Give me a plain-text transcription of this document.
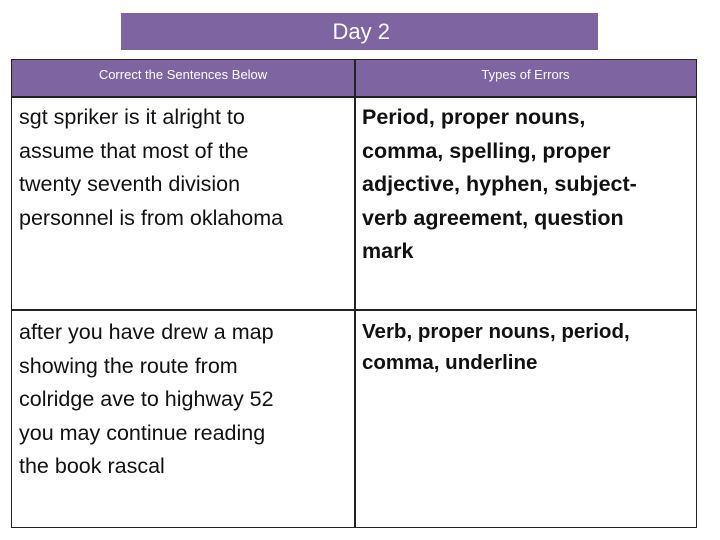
Day 2
Correct the Sentences Below	Types of Errors
sgt spriker is it alright to
assume that most of the
twenty seventh division
personnel is from oklahoma
Period, proper nouns,
comma, spelling, proper
adjective, hyphen, subject-
verb agreement, question
mark
after you have drew a map
showing the route from
colridge ave to highway 52
you may continue reading
the book rascal
Verb, proper nouns, period,
comma, underline
